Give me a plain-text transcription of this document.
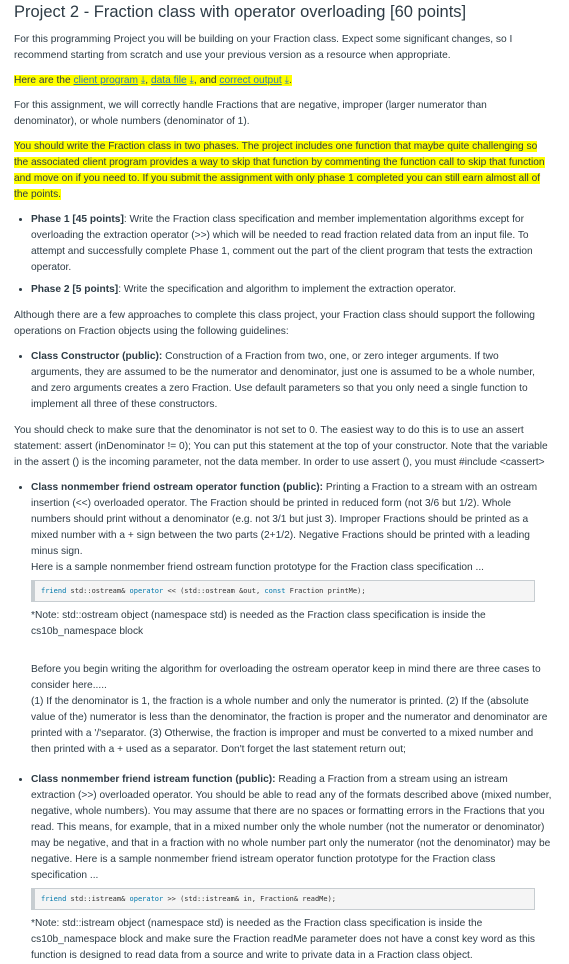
Project 2 - Fraction class with operator overloading [60 points]

For this programming Project you will be building on your Fraction class. Expect some significant changes, so I recommend starting from scratch and use your previous version as a resource when appropriate.

Here are the client program ⤓, data file ⤓, and correct output ⤓.

For this assignment, we will correctly handle Fractions that are negative, improper (larger numerator than denominator), or whole numbers (denominator of 1).

You should write the Fraction class in two phases. The project includes one function that maybe quite challenging so the associated client program provides a way to skip that function by commenting the function call to skip that function and move on if you need to. If you submit the assignment with only phase 1 completed you can still earn almost all of the points.

• Phase 1 [45 points]: Write the Fraction class specification and member implementation algorithms except for overloading the extraction operator (>>) which will be needed to read fraction related data from an input file. To attempt and successfully complete Phase 1, comment out the part of the client program that tests the extraction operator.
• Phase 2 [5 points]: Write the specification and algorithm to implement the extraction operator.

Although there are a few approaches to complete this class project, your Fraction class should support the following operations on Fraction objects using the following guidelines:

• Class Constructor (public): Construction of a Fraction from two, one, or zero integer arguments. If two arguments, they are assumed to be the numerator and denominator, just one is assumed to be a whole number, and zero arguments creates a zero Fraction. Use default parameters so that you only need a single function to implement all three of these constructors.

You should check to make sure that the denominator is not set to 0. The easiest way to do this is to use an assert statement: assert (inDenominator != 0); You can put this statement at the top of your constructor. Note that the variable in the assert () is the incoming parameter, not the data member. In order to use assert (), you must #include <cassert>

• Class nonmember friend ostream operator function (public): Printing a Fraction to a stream with an ostream insertion (<<) overloaded operator. The Fraction should be printed in reduced form (not 3/6 but 1/2). Whole numbers should print without a denominator (e.g. not 3/1 but just 3). Improper Fractions should be printed as a mixed number with a + sign between the two parts (2+1/2). Negative Fractions should be printed with a leading minus sign.
Here is a sample nonmember friend ostream function prototype for the Fraction class specification ...
friend std::ostream& operator << (std::ostream &out, const Fraction printMe);
*Note: std::ostream object (namespace std) is needed as the Fraction class specification is inside the cs10b_namespace block

Before you begin writing the algorithm for overloading the ostream operator keep in mind there are three cases to consider here.....

(1) If the denominator is 1, the fraction is a whole number and only the numerator is printed. (2) If the (absolute value of the) numerator is less than the denominator, the fraction is proper and the numerator and denominator are printed with a '/'separator. (3) Otherwise, the fraction is improper and must be converted to a mixed number and then printed with a + used as a separator. Don't forget the last statement return out;

• Class nonmember friend istream function (public): Reading a Fraction from a stream using an istream extraction (>>) overloaded operator. You should be able to read any of the formats described above (mixed number, negative, whole numbers). You may assume that there are no spaces or formatting errors in the Fractions that you read. This means, for example, that in a mixed number only the whole number (not the numerator or denominator) may be negative, and that in a fraction with no whole number part only the numerator (not the denominator) may be negative. Here is a sample nonmember friend istream operator function prototype for the Fraction class specification ...
friend std::istream& operator >> (std::istream& in, Fraction& readMe);
*Note: std::istream object (namespace std) is needed as the Fraction class specification is inside the cs10b_namespace block and make sure the Fraction readMe parameter does not have a const key word as this function is designed to read data from a source and write to private data in a Fraction class object.
